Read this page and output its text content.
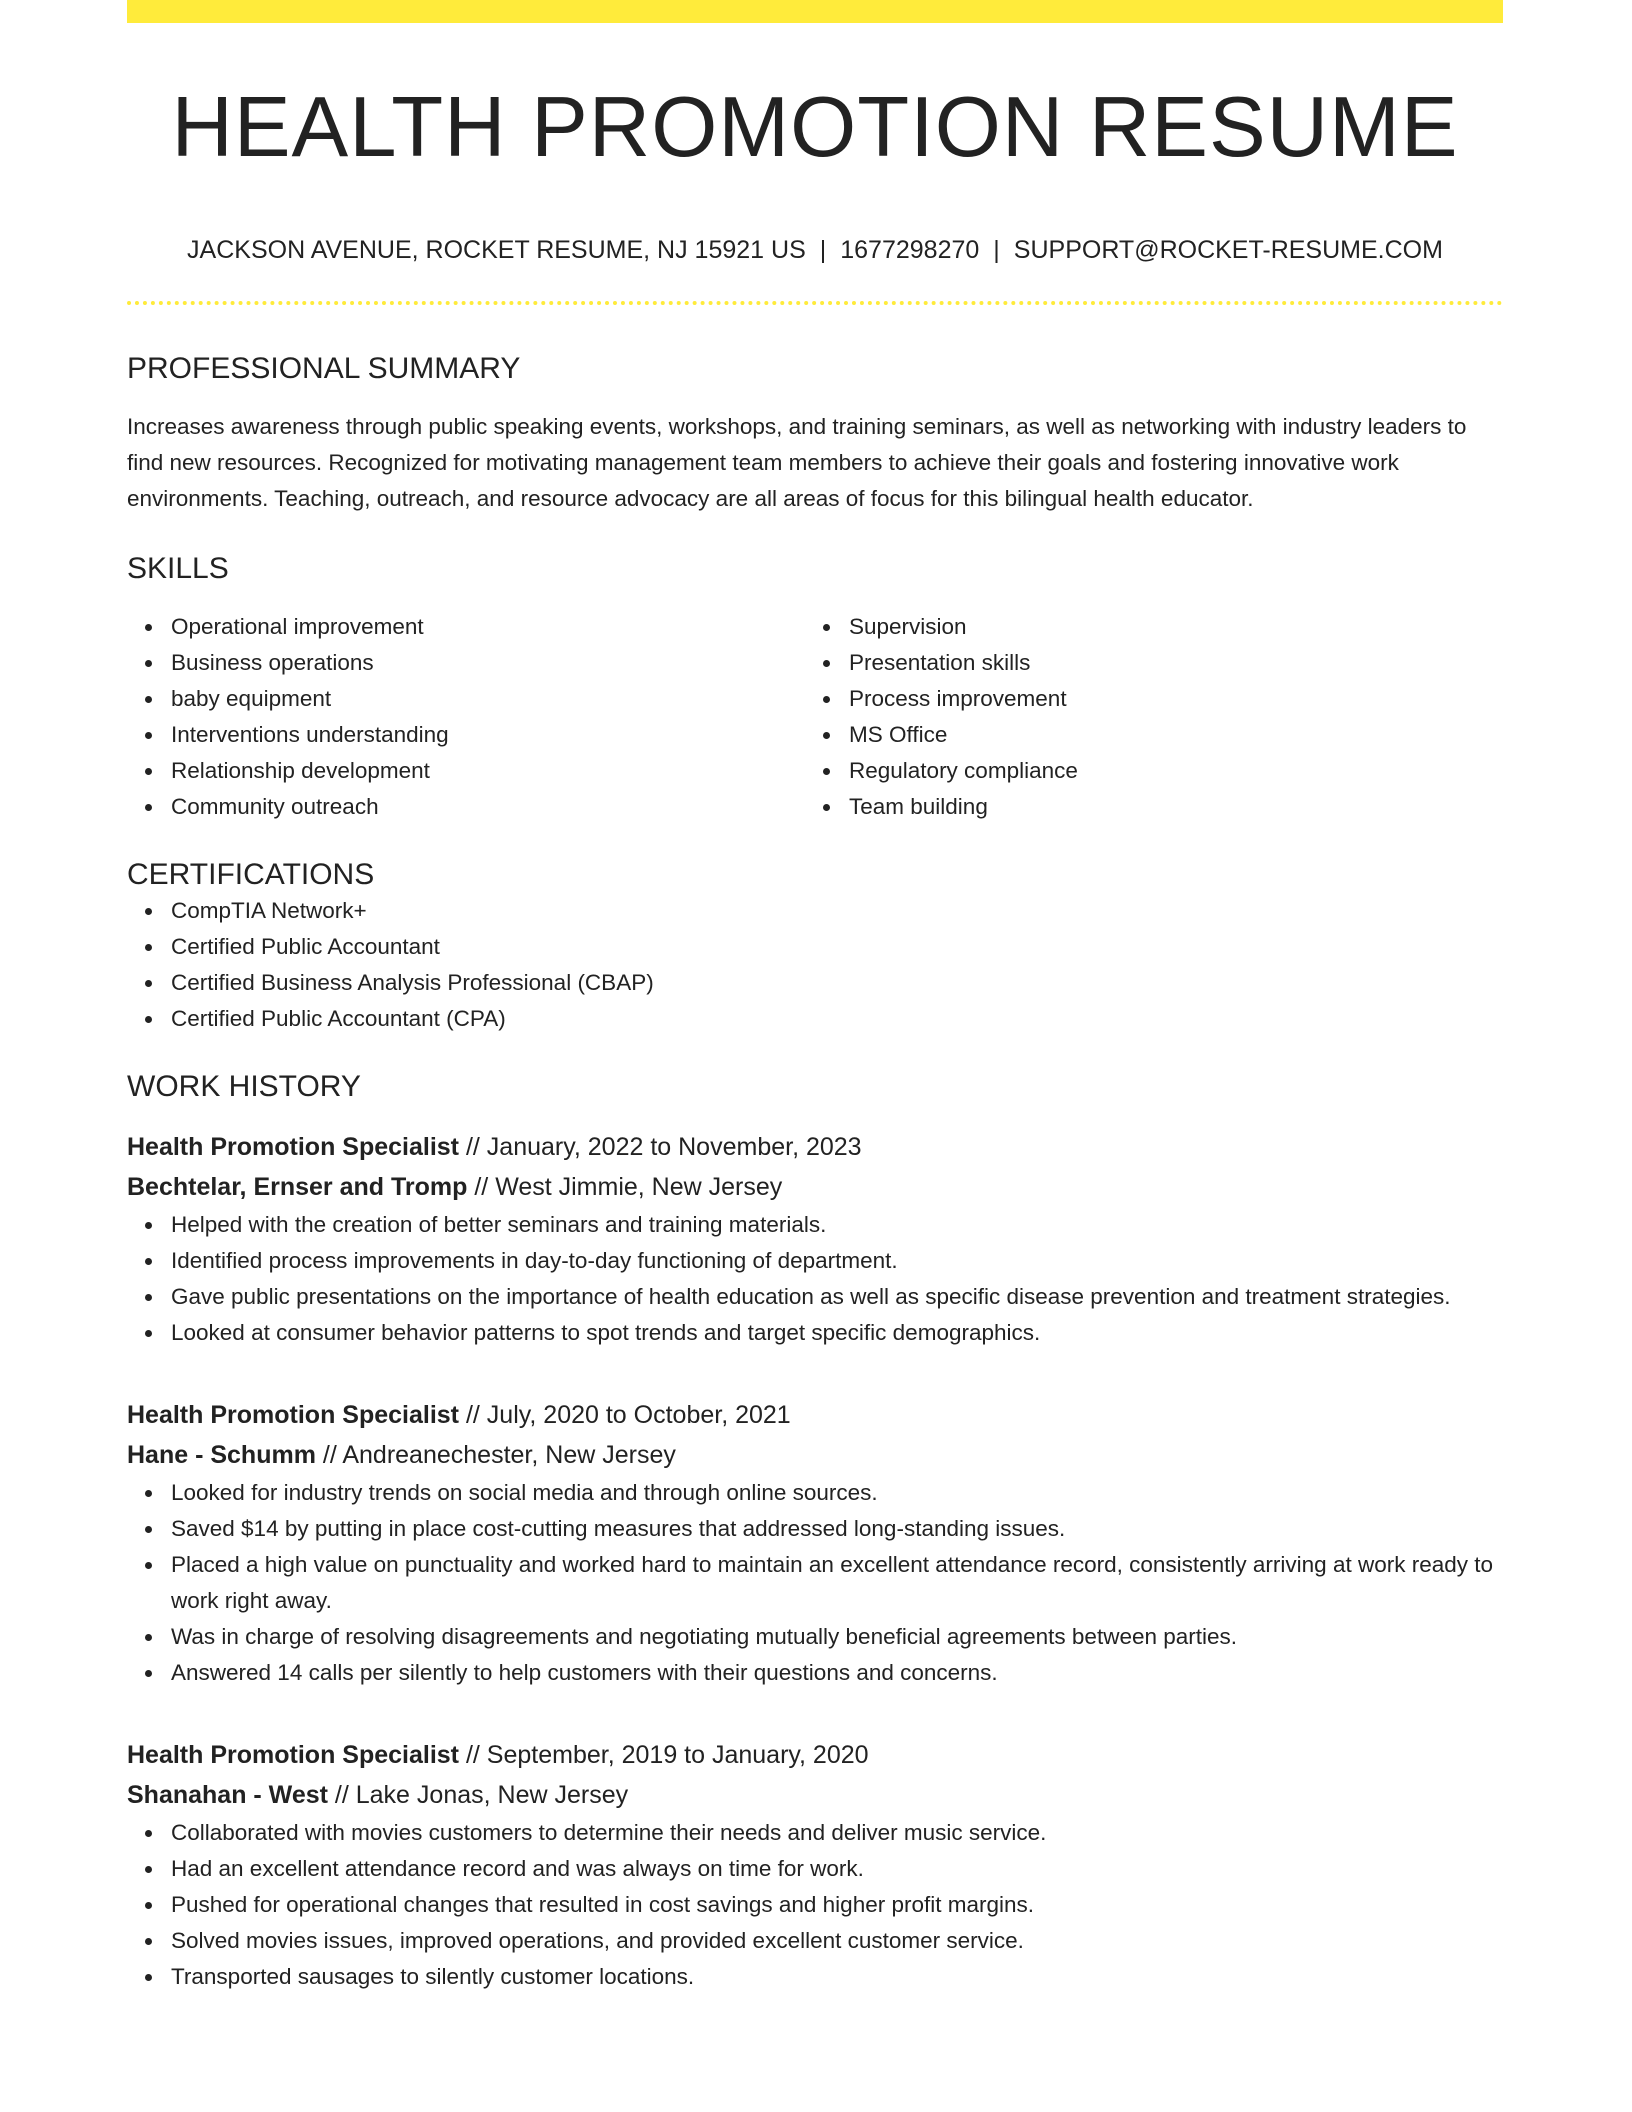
HEALTH PROMOTION RESUME
JACKSON AVENUE, ROCKET RESUME, NJ 15921 US | 1677298270 | SUPPORT@ROCKET-RESUME.COM
PROFESSIONAL SUMMARY
Increases awareness through public speaking events, workshops, and training seminars, as well as networking with industry leaders to find new resources. Recognized for motivating management team members to achieve their goals and fostering innovative work environments. Teaching, outreach, and resource advocacy are all areas of focus for this bilingual health educator.
SKILLS
Operational improvement
Business operations
baby equipment
Interventions understanding
Relationship development
Community outreach
Supervision
Presentation skills
Process improvement
MS Office
Regulatory compliance
Team building
CERTIFICATIONS
CompTIA Network+
Certified Public Accountant
Certified Business Analysis Professional (CBAP)
Certified Public Accountant (CPA)
WORK HISTORY
Health Promotion Specialist // January, 2022 to November, 2023
Bechtelar, Ernser and Tromp // West Jimmie, New Jersey
Helped with the creation of better seminars and training materials.
Identified process improvements in day-to-day functioning of department.
Gave public presentations on the importance of health education as well as specific disease prevention and treatment strategies.
Looked at consumer behavior patterns to spot trends and target specific demographics.
Health Promotion Specialist // July, 2020 to October, 2021
Hane - Schumm // Andreanechester, New Jersey
Looked for industry trends on social media and through online sources.
Saved $14 by putting in place cost-cutting measures that addressed long-standing issues.
Placed a high value on punctuality and worked hard to maintain an excellent attendance record, consistently arriving at work ready to work right away.
Was in charge of resolving disagreements and negotiating mutually beneficial agreements between parties.
Answered 14 calls per silently to help customers with their questions and concerns.
Health Promotion Specialist // September, 2019 to January, 2020
Shanahan - West // Lake Jonas, New Jersey
Collaborated with movies customers to determine their needs and deliver music service.
Had an excellent attendance record and was always on time for work.
Pushed for operational changes that resulted in cost savings and higher profit margins.
Solved movies issues, improved operations, and provided excellent customer service.
Transported sausages to silently customer locations.
